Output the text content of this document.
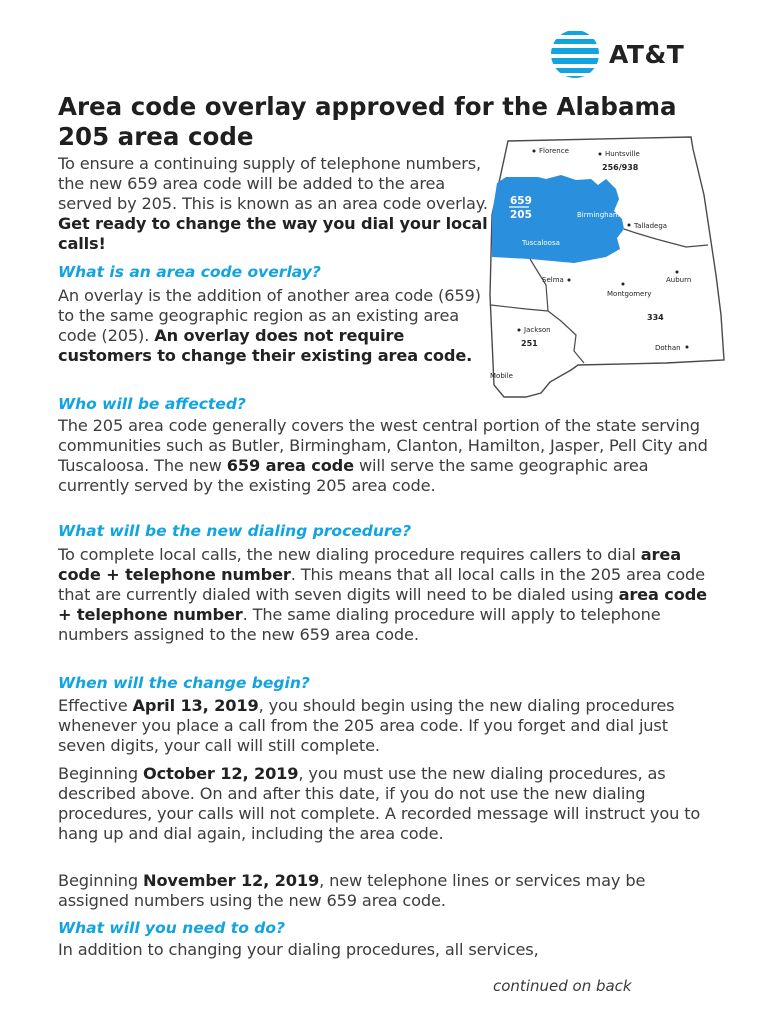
AT&T
Area code overlay approved for the Alabama 205 area code
To ensure a continuing supply of telephone numbers, the new 659 area code will be added to the area served by 205. This is known as an area code overlay. Get ready to change the way you dial your local calls!
What is an area code overlay?
An overlay is the addition of another area code (659) to the same geographic region as an existing area code (205). An overlay does not require customers to change their existing area code.
Who will be affected?
The 205 area code generally covers the west central portion of the state serving communities such as Butler, Birmingham, Clanton, Hamilton, Jasper, Pell City and Tuscaloosa. The new 659 area code will serve the same geographic area currently served by the existing 205 area code.
What will be the new dialing procedure?
To complete local calls, the new dialing procedure requires callers to dial area code + telephone number. This means that all local calls in the 205 area code that are currently dialed with seven digits will need to be dialed using area code + telephone number. The same dialing procedure will apply to telephone numbers assigned to the new 659 area code.
When will the change begin?
Effective April 13, 2019, you should begin using the new dialing procedures whenever you place a call from the 205 area code. If you forget and dial just seven digits, your call will still complete.
Beginning October 12, 2019, you must use the new dialing procedures, as described above. On and after this date, if you do not use the new dialing procedures, your calls will not complete. A recorded message will instruct you to hang up and dial again, including the area code.
Beginning November 12, 2019, new telephone lines or services may be assigned numbers using the new 659 area code.
What will you need to do?
In addition to changing your dialing procedures, all services,
continued on back
659
205
256/938
334
251
Florence	Huntsville
Birmingham
Talladega
Tuscaloosa
Selma	Auburn
Montgomery
Jackson
Dothan
Mobile
